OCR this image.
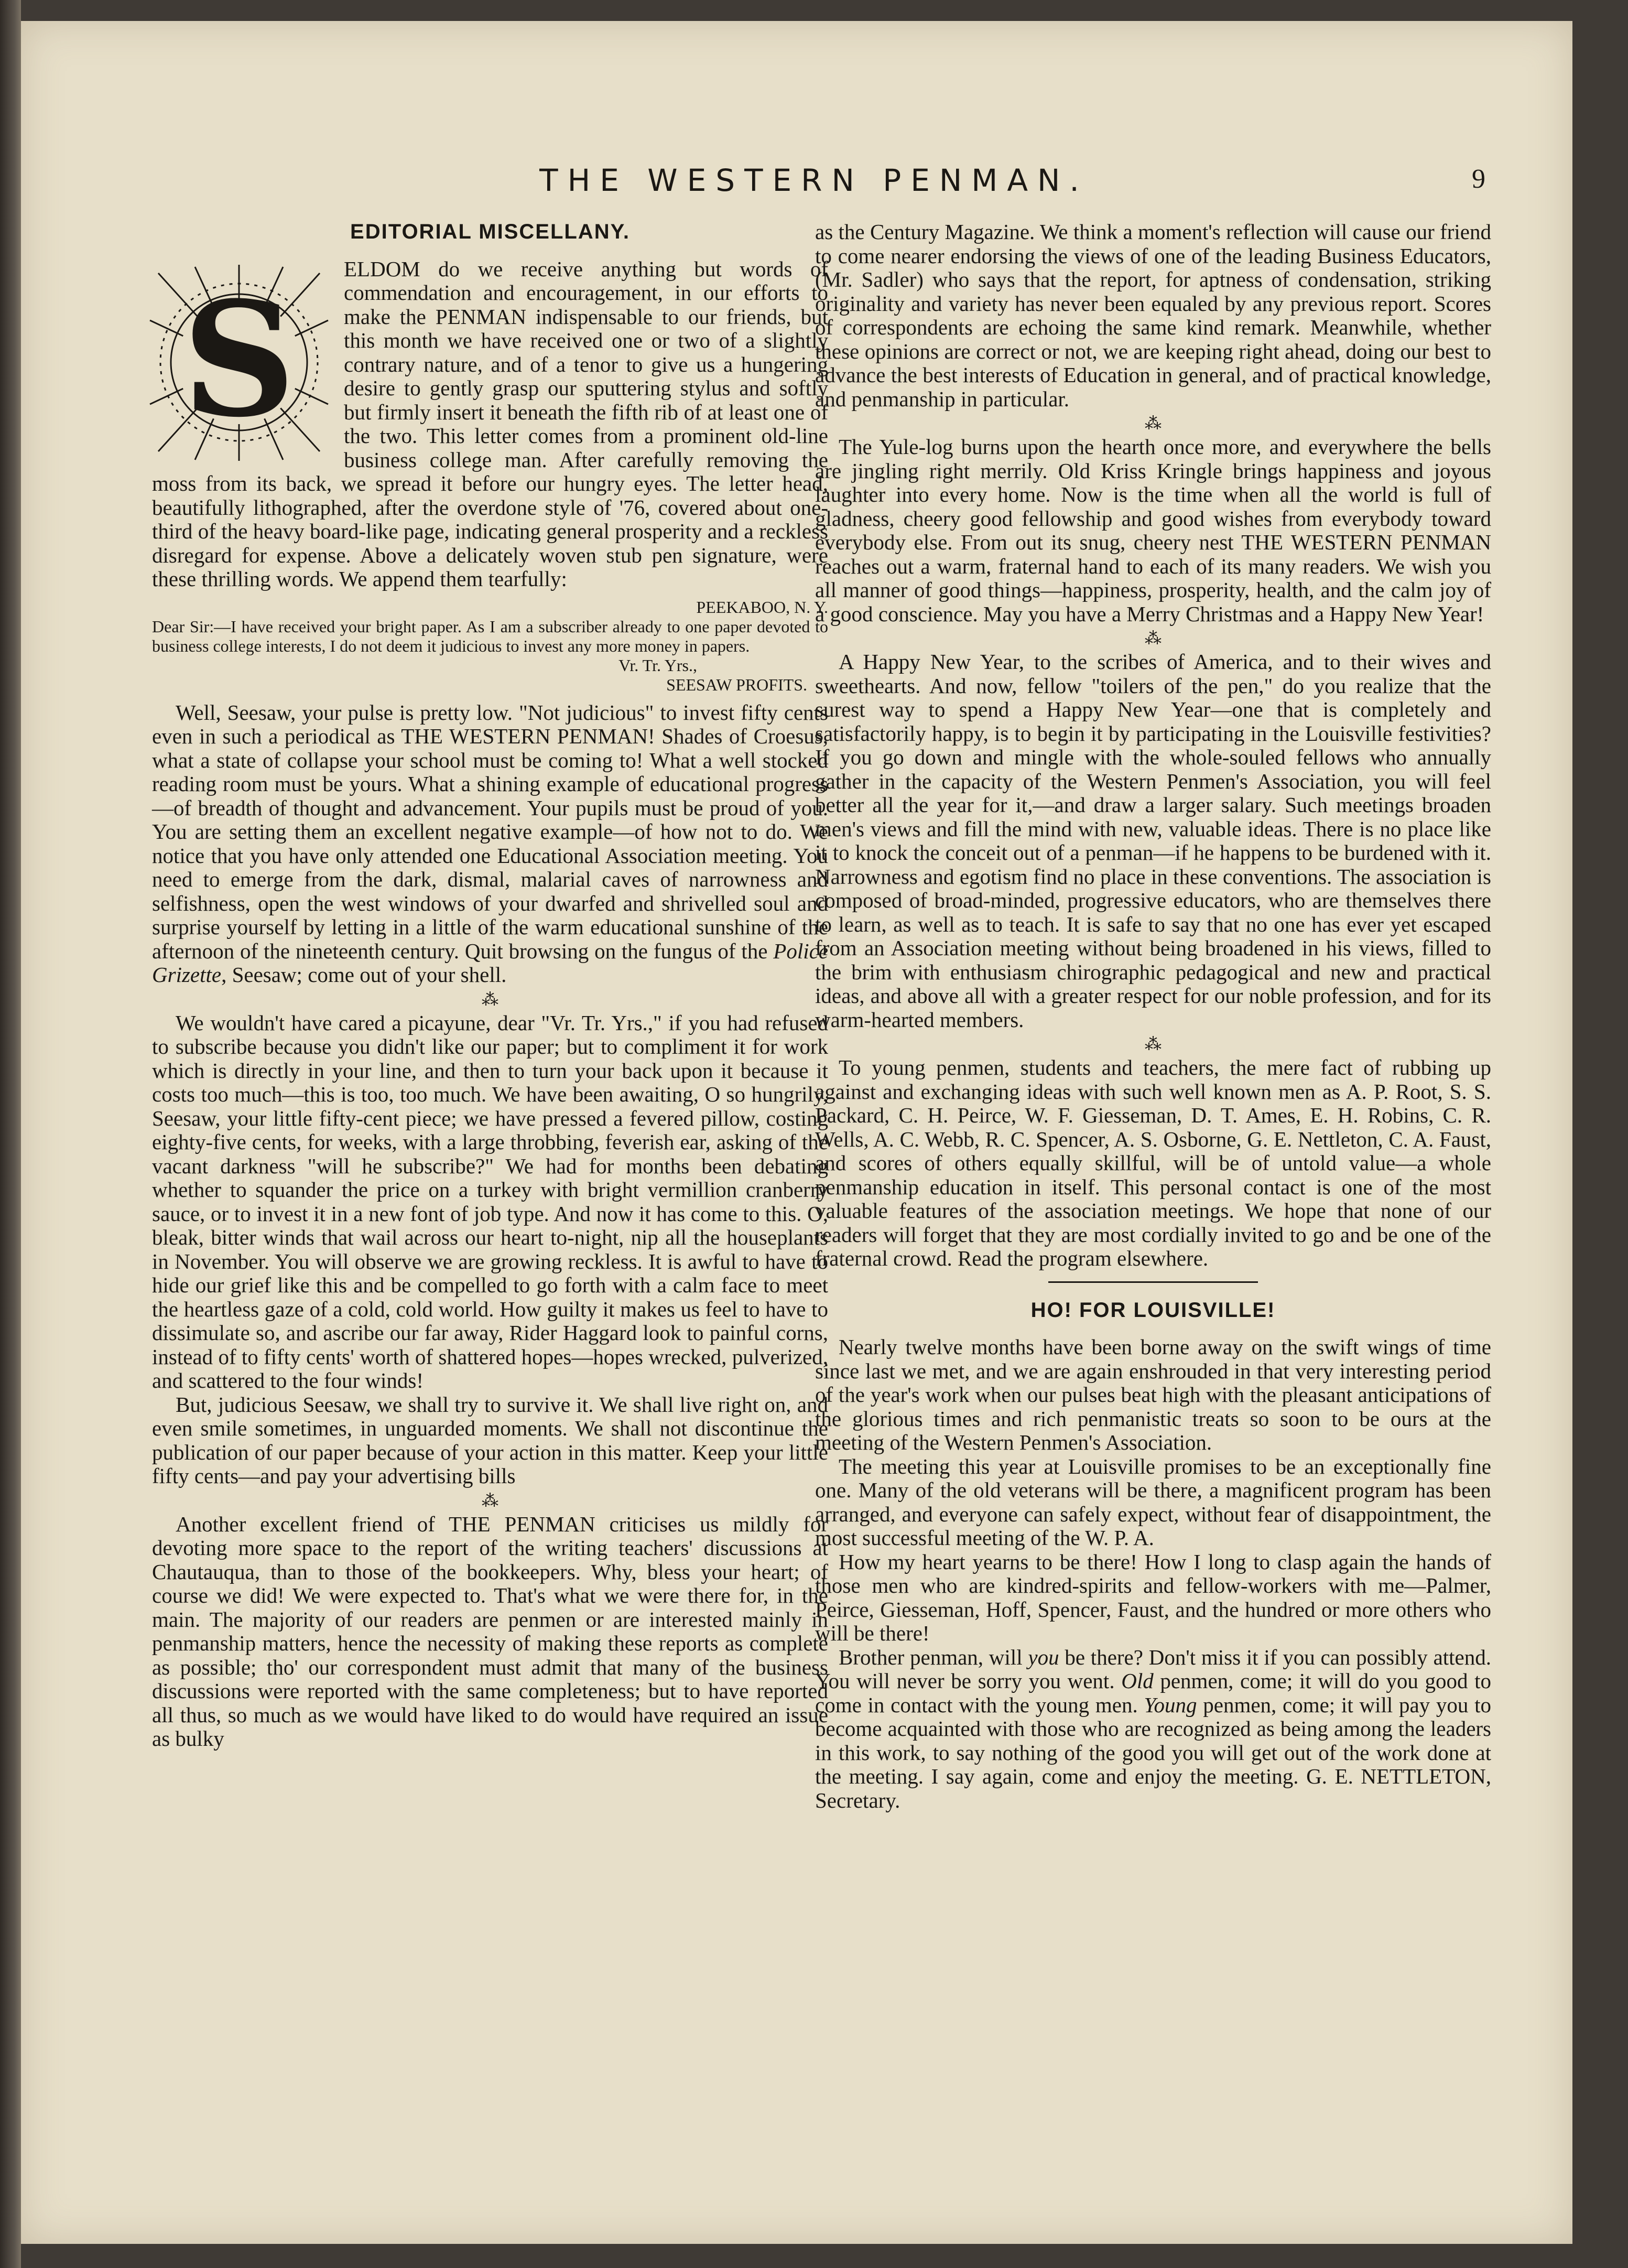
THE WESTERN PENMAN.	9
EDITORIAL MISCELLANY.
S	ELDOM do we receive anything but words of commendation and encouragement, in our efforts to make the PENMAN indispensable to our friends, but this month we have received one or two of a slightly contrary nature, and of a tenor to give us a hungering desire to gently grasp our sputtering stylus and softly but firmly insert it beneath the fifth rib of at least one of the two. This letter comes from a prominent old-line business college man. After carefully removing the moss from its back, we spread it before our hungry eyes. The letter head, beautifully lithographed, after the overdone style of '76, covered about one-third of the heavy board-like page, indicating general prosperity and a reckless disregard for expense. Above a delicately woven stub pen signature, were these thrilling words. We append them tearfully:

PEEKABOO, N. Y.
Dear Sir:—I have received your bright paper. As I am a subscriber already to one paper devoted to business college interests, I do not deem it judicious to invest any more money in papers.
Vr. Tr. Yrs.,
SEESAW PROFITS.

Well, Seesaw, your pulse is pretty low. "Not judicious" to invest fifty cents even in such a periodical as THE WESTERN PENMAN! Shades of Croesus, what a state of collapse your school must be coming to! What a well stocked reading room must be yours. What a shining example of educational progress—of breadth of thought and advancement. Your pupils must be proud of you. You are setting them an excellent negative example—of how not to do. We notice that you have only attended one Educational Association meeting. You need to emerge from the dark, dismal, malarial caves of narrowness and selfishness, open the west windows of your dwarfed and shrivelled soul and surprise yourself by letting in a little of the warm educational sunshine of the afternoon of the nineteenth century. Quit browsing on the fungus of the Police Grizette, Seesaw; come out of your shell.

⁂

We wouldn't have cared a picayune, dear "Vr. Tr. Yrs.," if you had refused to subscribe because you didn't like our paper; but to compliment it for work which is directly in your line, and then to turn your back upon it because it costs too much—this is too, too much. We have been awaiting, O so hungrily, Seesaw, your little fifty-cent piece; we have pressed a fevered pillow, costing eighty-five cents, for weeks, with a large throbbing, feverish ear, asking of the vacant darkness "will he subscribe?" We had for months been debating whether to squander the price on a turkey with bright vermillion cranberry sauce, or to invest it in a new font of job type. And now it has come to this. O, bleak, bitter winds that wail across our heart to-night, nip all the houseplants in November. You will observe we are growing reckless. It is awful to have to hide our grief like this and be compelled to go forth with a calm face to meet the heartless gaze of a cold, cold world. How guilty it makes us feel to have to dissimulate so, and ascribe our far away, Rider Haggard look to painful corns, instead of to fifty cents' worth of shattered hopes—hopes wrecked, pulverized, and scattered to the four winds!

But, judicious Seesaw, we shall try to survive it. We shall live right on, and even smile sometimes, in unguarded moments. We shall not discontinue the publication of our paper because of your action in this matter. Keep your little fifty cents—and pay your advertising bills

⁂

Another excellent friend of THE PENMAN criticises us mildly for devoting more space to the report of the writing teachers' discussions at Chautauqua, than to those of the bookkeepers. Why, bless your heart; of course we did! We were expected to. That's what we were there for, in the main. The majority of our readers are penmen or are interested mainly in penmanship matters, hence the necessity of making these reports as complete as possible; tho' our correspondent must admit that many of the business discussions were reported with the same completeness; but to have reported all thus, so much as we would have liked to do would have required an issue as bulky

as the Century Magazine. We think a moment's reflection will cause our friend to come nearer endorsing the views of one of the leading Business Educators, (Mr. Sadler) who says that the report, for aptness of condensation, striking originality and variety has never been equaled by any previous report. Scores of correspondents are echoing the same kind remark. Meanwhile, whether these opinions are correct or not, we are keeping right ahead, doing our best to advance the best interests of Education in general, and of practical knowledge, and penmanship in particular.

⁂

The Yule-log burns upon the hearth once more, and everywhere the bells are jingling right merrily. Old Kriss Kringle brings happiness and joyous laughter into every home. Now is the time when all the world is full of gladness, cheery good fellowship and good wishes from everybody toward everybody else. From out its snug, cheery nest THE WESTERN PENMAN reaches out a warm, fraternal hand to each of its many readers. We wish you all manner of good things—happiness, prosperity, health, and the calm joy of a good conscience. May you have a Merry Christmas and a Happy New Year!

⁂

A Happy New Year, to the scribes of America, and to their wives and sweethearts. And now, fellow "toilers of the pen," do you realize that the surest way to spend a Happy New Year—one that is completely and satisfactorily happy, is to begin it by participating in the Louisville festivities? If you go down and mingle with the whole-souled fellows who annually gather in the capacity of the Western Penmen's Association, you will feel better all the year for it,—and draw a larger salary. Such meetings broaden men's views and fill the mind with new, valuable ideas. There is no place like it to knock the conceit out of a penman—if he happens to be burdened with it. Narrowness and egotism find no place in these conventions. The association is composed of broad-minded, progressive educators, who are themselves there to learn, as well as to teach. It is safe to say that no one has ever yet escaped from an Association meeting without being broadened in his views, filled to the brim with enthusiasm chirographic pedagogical and new and practical ideas, and above all with a greater respect for our noble profession, and for its warm-hearted members.

⁂

To young penmen, students and teachers, the mere fact of rubbing up against and exchanging ideas with such well known men as A. P. Root, S. S. Packard, C. H. Peirce, W. F. Giesseman, D. T. Ames, E. H. Robins, C. R. Wells, A. C. Webb, R. C. Spencer, A. S. Osborne, G. E. Nettleton, C. A. Faust, and scores of others equally skillful, will be of untold value—a whole penmanship education in itself. This personal contact is one of the most valuable features of the association meetings. We hope that none of our readers will forget that they are most cordially invited to go and be one of the fraternal crowd. Read the program elsewhere.

HO! FOR LOUISVILLE!

Nearly twelve months have been borne away on the swift wings of time since last we met, and we are again enshrouded in that very interesting period of the year's work when our pulses beat high with the pleasant anticipations of the glorious times and rich penmanistic treats so soon to be ours at the meeting of the Western Penmen's Association.

The meeting this year at Louisville promises to be an exceptionally fine one. Many of the old veterans will be there, a magnificent program has been arranged, and everyone can safely expect, without fear of disappointment, the most successful meeting of the W. P. A.

How my heart yearns to be there! How I long to clasp again the hands of those men who are kindred-spirits and fellow-workers with me—Palmer, Peirce, Giesseman, Hoff, Spencer, Faust, and the hundred or more others who will be there!

Brother penman, will you be there? Don't miss it if you can possibly attend. You will never be sorry you went. Old penmen, come; it will do you good to come in contact with the young men. Young penmen, come; it will pay you to become acquainted with those who are recognized as being among the leaders in this work, to say nothing of the good you will get out of the work done at the meeting. I say again, come and enjoy the meeting. G. E. NETTLETON, Secretary.
